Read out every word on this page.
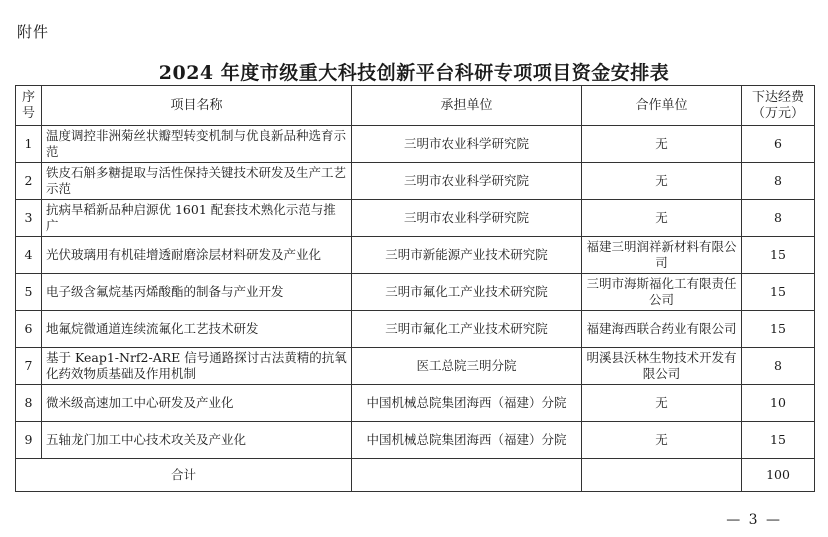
附件
2024 年度市级重大科技创新平台科研专项项目资金安排表
序号	项目名称	承担单位	合作单位	下达经费（万元）
1	温度调控非洲菊丝状瓣型转变机制与优良新品种选育示范	三明市农业科学研究院	无	6
2	铁皮石斛多糖提取与活性保持关键技术研发及生产工艺示范	三明市农业科学研究院	无	8
3	抗病旱稻新品种启源优 1601 配套技术熟化示范与推广	三明市农业科学研究院	无	8
4	光伏玻璃用有机硅增透耐磨涂层材料研发及产业化	三明市新能源产业技术研究院	福建三明润祥新材料有限公司	15
5	电子级含氟烷基丙烯酸酯的制备与产业开发	三明市氟化工产业技术研究院	三明市海斯福化工有限责任公司	15
6	地氟烷微通道连续流氟化工艺技术研发	三明市氟化工产业技术研究院	福建海西联合药业有限公司	15
7	基于 Keap1-Nrf2-ARE 信号通路探讨古法黄精的抗氧化药效物质基础及作用机制	医工总院三明分院	明溪县沃林生物技术开发有限公司	8
8	微米级高速加工中心研发及产业化	中国机械总院集团海西（福建）分院	无	10
9	五轴龙门加工中心技术攻关及产业化	中国机械总院集团海西（福建）分院	无	15
合计				100
— 3 —
